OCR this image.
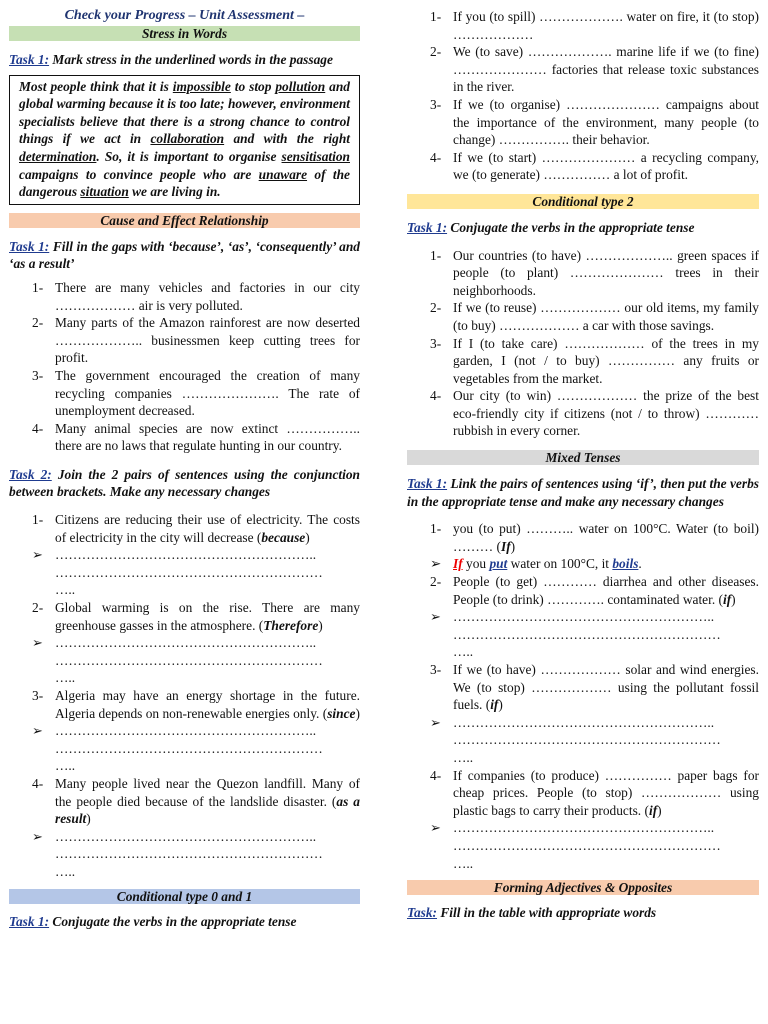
Check your Progress – Unit Assessment –
Stress in Words
Task 1: Mark stress in the underlined words in the passage
Most people think that it is impossible to stop pollution and global warming because it is too late; however, environment specialists believe that there is a strong chance to control things if we act in collaboration and with the right determination. So, it is important to organise sensitisation campaigns to convince people who are unaware of the dangerous situation we are living in.
Cause and Effect Relationship
Task 1: Fill in the gaps with ‘because’, ‘as’, ‘consequently’ and ‘as a result’
1- There are many vehicles and factories in our city ……………… air is very polluted.
2- Many parts of the Amazon rainforest are now deserted ……………….. businessmen keep cutting trees for profit.
3- The government encouraged the creation of many recycling companies …………………. The rate of unemployment decreased.
4- Many animal species are now extinct …………….. there are no laws that regulate hunting in our country.
Task 2: Join the 2 pairs of sentences using the conjunction between brackets. Make any necessary changes
1- Citizens are reducing their use of electricity. The costs of electricity in the city will decrease (because)
➢ …………………………………………………..
……………………………………………………
…..
2- Global warming is on the rise. There are many greenhouse gasses in the atmosphere. (Therefore)
➢ …………………………………………………..
……………………………………………………
…..
3- Algeria may have an energy shortage in the future. Algeria depends on non-renewable energies only. (since)
➢ …………………………………………………..
……………………………………………………
…..
4- Many people lived near the Quezon landfill. Many of the people died because of the landslide disaster. (as a result)
➢ …………………………………………………..
……………………………………………………
…..
Conditional type 0 and 1
Task 1: Conjugate the verbs in the appropriate tense
1- If you (to spill) ………………. water on fire, it (to stop) ………………
2- We (to save) ………………. marine life if we (to fine) ………………… factories that release toxic substances in the river.
3- If we (to organise) ………………… campaigns about the importance of the environment, many people (to change) ……………. their behavior.
4- If we (to start) ………………… a recycling company, we (to generate) …………… a lot of profit.
Conditional type 2
Task 1: Conjugate the verbs in the appropriate tense
1- Our countries (to have) ……………….. green spaces if people (to plant) ………………… trees in their neighborhoods.
2- If we (to reuse) ……………… our old items, my family (to buy) ……………… a car with those savings.
3- If I (to take care) ……………… of the trees in my garden, I (not / to buy) …………… any fruits or vegetables from the market.
4- Our city (to win) ……………… the prize of the best eco-friendly city if citizens (not / to throw) ………… rubbish in every corner.
Mixed Tenses
Task 1: Link the pairs of sentences using ‘if’, then put the verbs in the appropriate tense and make any necessary changes
1- you (to put) ……….. water on 100°C. Water (to boil) ……… (If)
➢ If you put water on 100°C, it boils.
2- People (to get) ………… diarrhea and other diseases. People (to drink) …………. contaminated water. (if)
➢ …………………………………………………..
……………………………………………………
…..
3- If we (to have) ……………… solar and wind energies. We (to stop) ……………… using the pollutant fossil fuels. (if)
➢ …………………………………………………..
……………………………………………………
…..
4- If companies (to produce) …………… paper bags for cheap prices. People (to stop) ……………… using plastic bags to carry their products. (if)
➢ …………………………………………………..
……………………………………………………
…..
Forming Adjectives & Opposites
Task: Fill in the table with appropriate words
